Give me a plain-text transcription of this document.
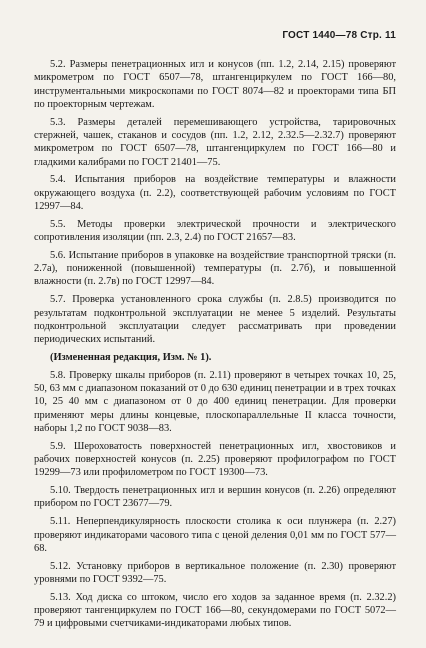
ГОСТ 1440—78 Стр. 11

5.2. Размеры пенетрационных игл и конусов (пп. 1.2, 2.14, 2.15) проверяют микрометром по ГОСТ 6507—78, штангенциркулем по ГОСТ 166—80, инструментальными микроскопами по ГОСТ 8074—82 и проекторами типа БП по проекторным чертежам.

5.3. Размеры деталей перемешивающего устройства, тарировочных стержней, чашек, стаканов и сосудов (пп. 1.2, 2.12, 2.32.5—2.32.7) проверяют микрометром по ГОСТ 6507—78, штангенциркулем по ГОСТ 166—80 и гладкими калибрами по ГОСТ 21401—75.

5.4. Испытания приборов на воздействие температуры и влажности окружающего воздуха (п. 2.2), соответствующей рабочим условиям по ГОСТ 12997—84.

5.5. Методы проверки электрической прочности и электрического сопротивления изоляции (пп. 2.3, 2.4) по ГОСТ 21657—83.

5.6. Испытание приборов в упаковке на воздействие транспортной тряски (п. 2.7а), пониженной (повышенной) температуры (п. 2.7б), и повышенной влажности (п. 2.7в) по ГОСТ 12997—84.

5.7. Проверка установленного срока службы (п. 2.8.5) производится по результатам подконтрольной эксплуатации не менее 5 изделий. Результаты подконтрольной эксплуатации следует рассматривать при проведении периодических испытаний.

(Измененная редакция, Изм. № 1).

5.8. Проверку шкалы приборов (п. 2.11) проверяют в четырех точках 10, 25, 50, 63 мм с диапазоном показаний от 0 до 630 единиц пенетрации и в трех точках 10, 25 40 мм с диапазоном от 0 до 400 единиц пенетрации. Для проверки применяют меры длины концевые, плоскопараллельные II класса точности, наборы 1,2 по ГОСТ 9038—83.

5.9. Шероховатость поверхностей пенетрационных игл, хвостовиков и рабочих поверхностей конусов (п. 2.25) проверяют профилографом по ГОСТ 19299—73 или профилометром по ГОСТ 19300—73.

5.10. Твердость пенетрационных игл и вершин конусов (п. 2.26) определяют прибором по ГОСТ 23677—79.

5.11. Неперпендикулярность плоскости столика к оси плунжера (п. 2.27) проверяют индикаторами часового типа с ценой деления 0,01 мм по ГОСТ 577—68.

5.12. Установку приборов в вертикальное положение (п. 2.30) проверяют уровнями по ГОСТ 9392—75.

5.13. Ход диска со штоком, число его ходов за заданное время (п. 2.32.2) проверяют тангенциркулем по ГОСТ 166—80, секундомерами по ГОСТ 5072—79 и цифровыми счетчиками-индикаторами любых типов.
